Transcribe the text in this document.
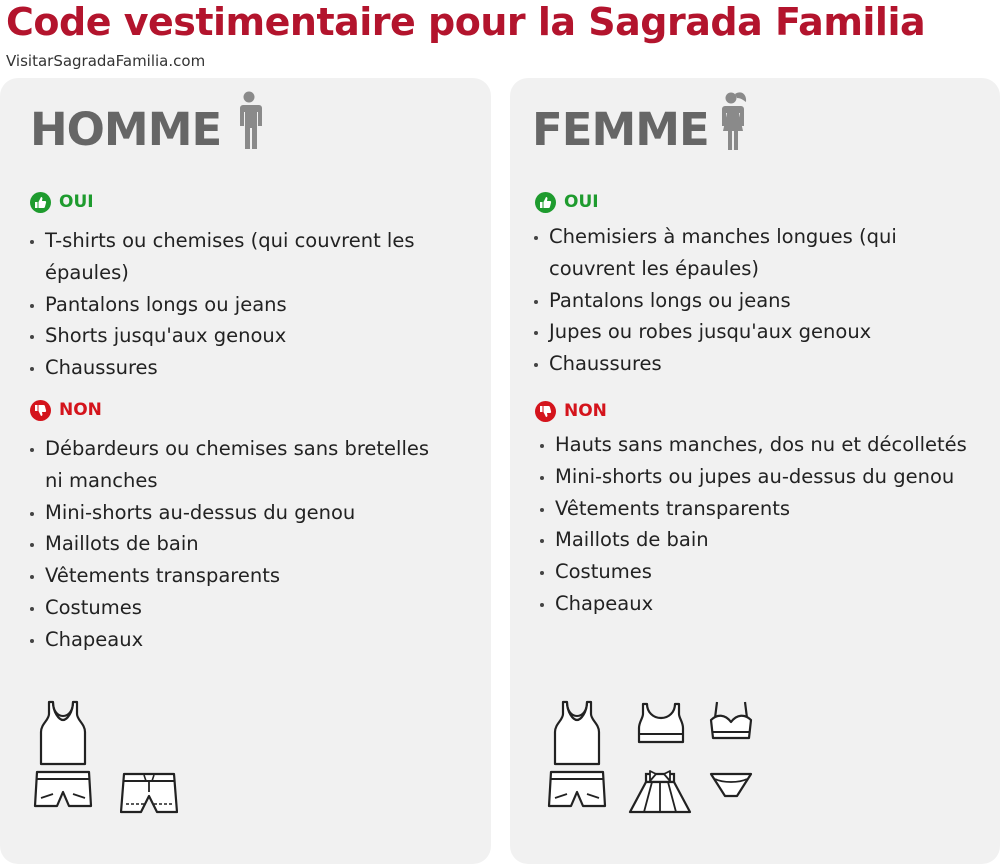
Code vestimentaire pour la Sagrada Familia
VisitarSagradaFamilia.com
HOMME
OUI
T-shirts ou chemises (qui couvrent les épaules)
Pantalons longs ou jeans
Shorts jusqu'aux genoux
Chaussures
NON
Débardeurs ou chemises sans bretelles ni manches
Mini-shorts au-dessus du genou
Maillots de bain
Vêtements transparents
Costumes
Chapeaux
FEMME
OUI
Chemisiers à manches longues (qui couvrent les épaules)
Pantalons longs ou jeans
Jupes ou robes jusqu'aux genoux
Chaussures
NON
Hauts sans manches, dos nu et décolletés
Mini-shorts ou jupes au-dessus du genou
Vêtements transparents
Maillots de bain
Costumes
Chapeaux
